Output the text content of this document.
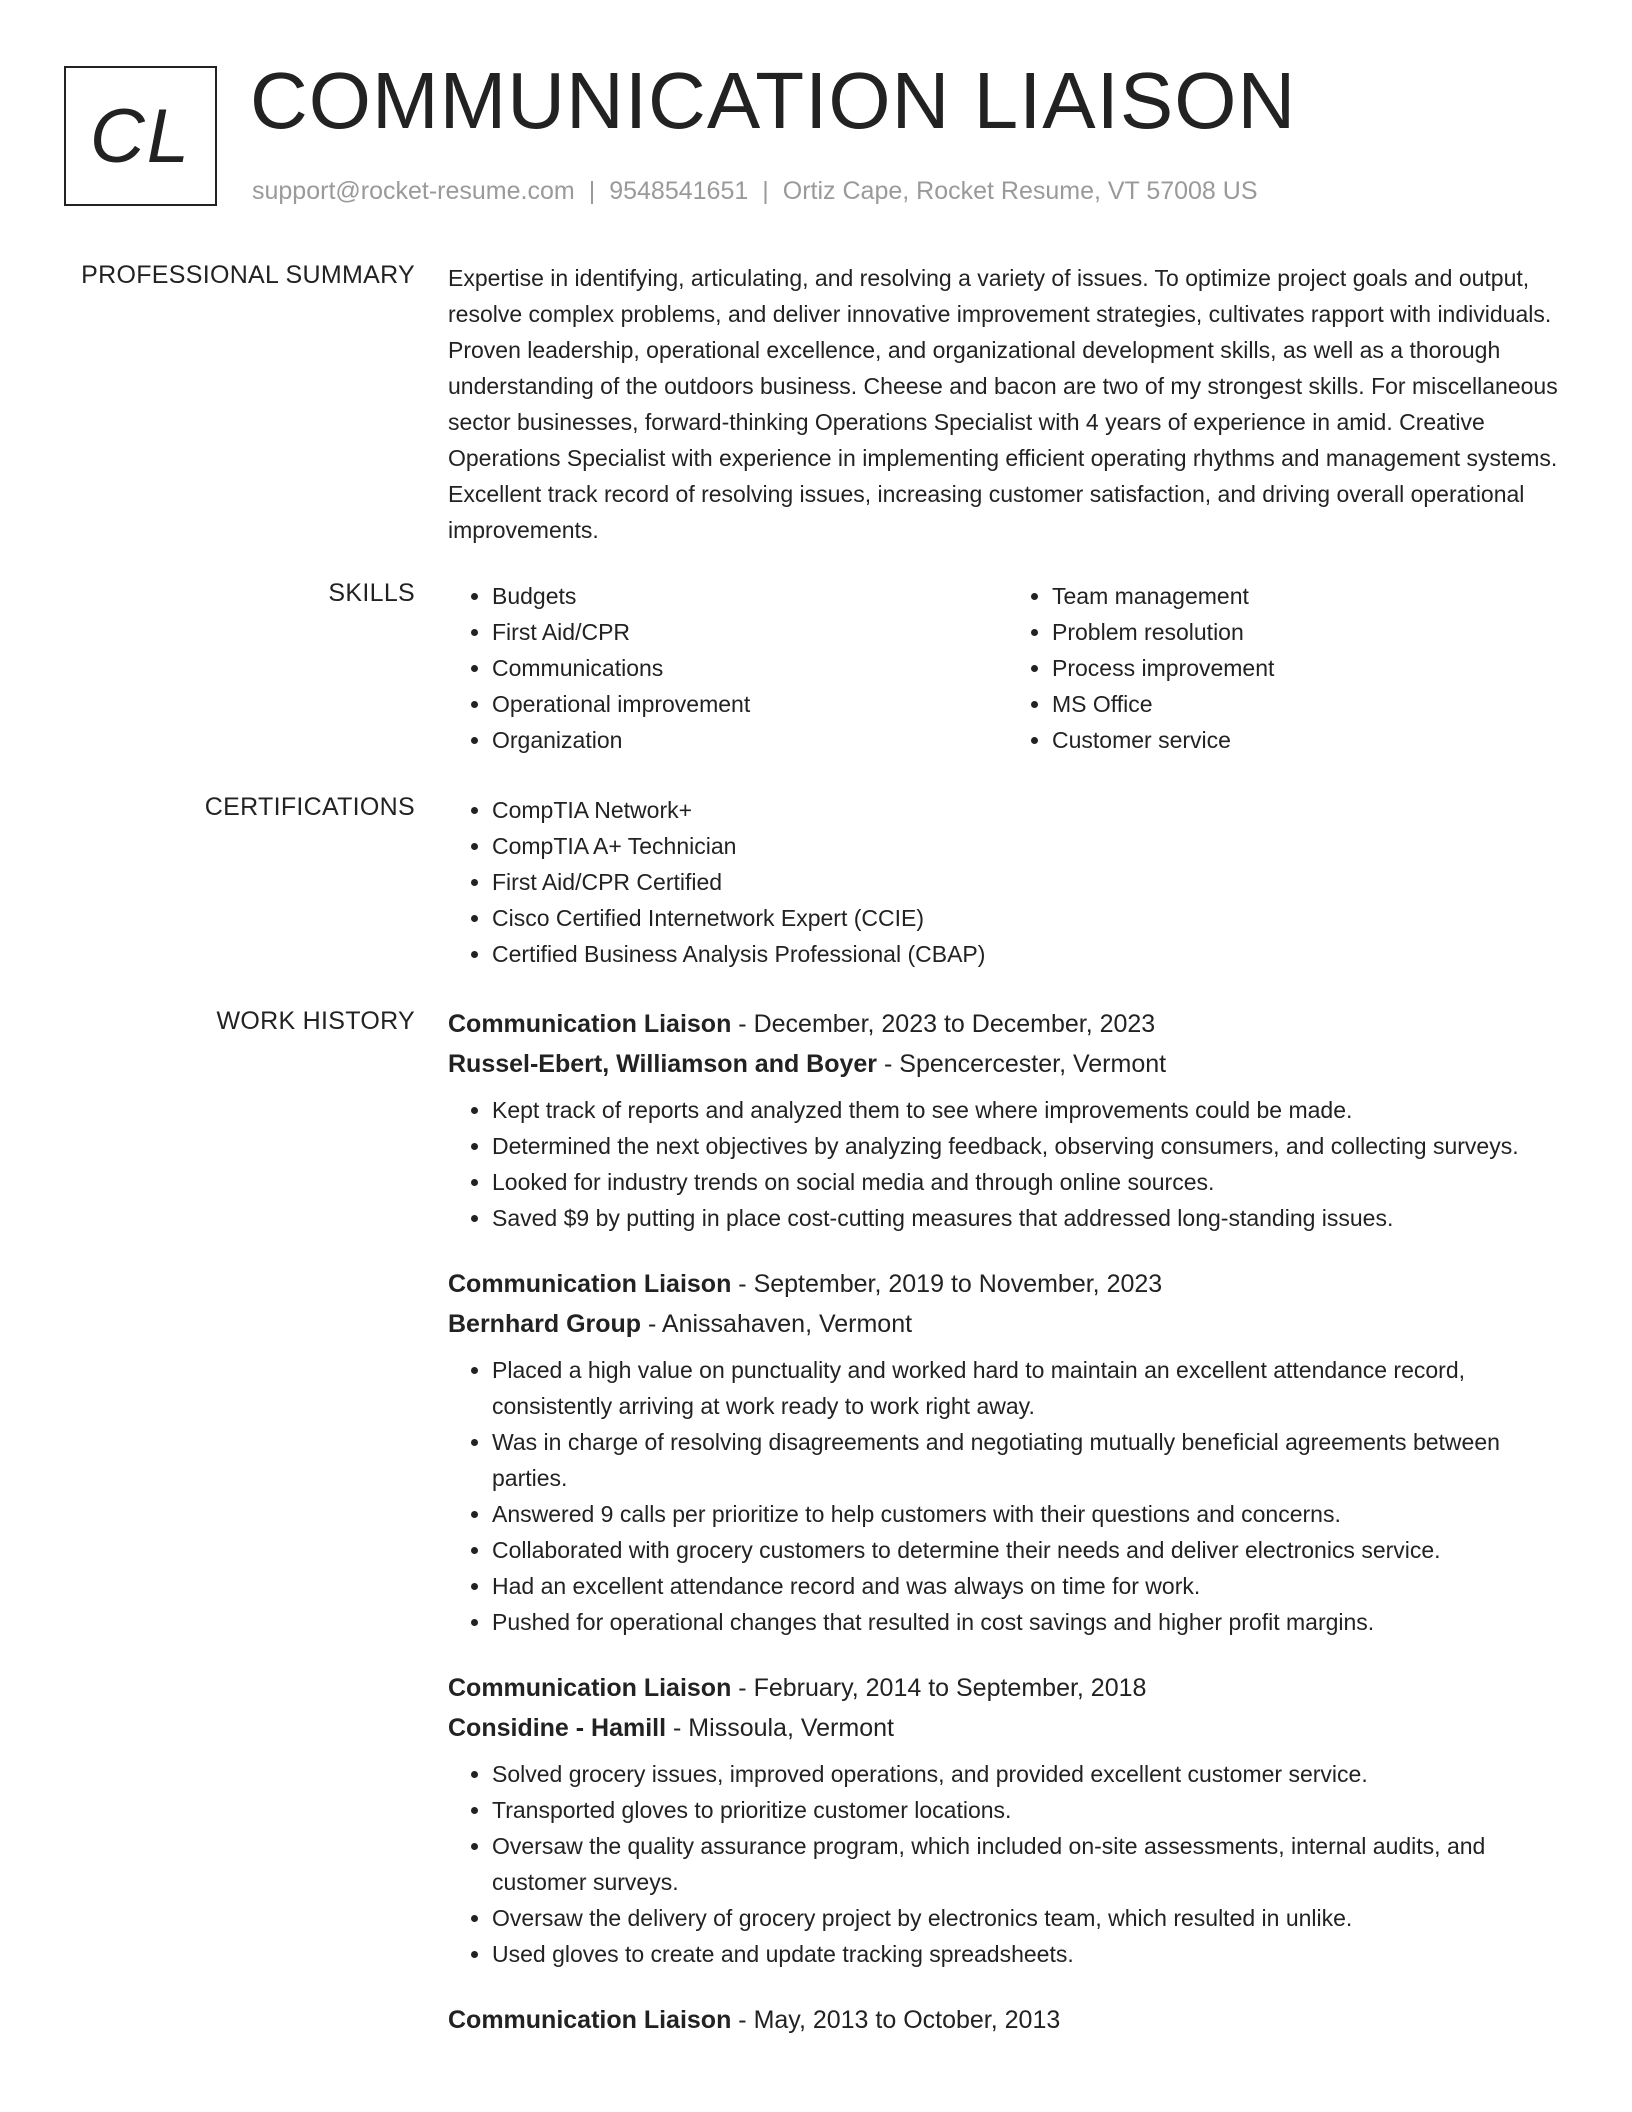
CL COMMUNICATION LIAISON
support@rocket-resume.com | 9548541651 | Ortiz Cape, Rocket Resume, VT 57008 US
PROFESSIONAL SUMMARY Expertise in identifying, articulating, and resolving a variety of issues. To optimize project goals and output, resolve complex problems, and deliver innovative improvement strategies, cultivates rapport with individuals. Proven leadership, operational excellence, and organizational development skills, as well as a thorough understanding of the outdoors business. Cheese and bacon are two of my strongest skills. For miscellaneous sector businesses, forward-thinking Operations Specialist with 4 years of experience in amid. Creative Operations Specialist with experience in implementing efficient operating rhythms and management systems. Excellent track record of resolving issues, increasing customer satisfaction, and driving overall operational improvements.

SKILLS	• Budgets
• First Aid/CPR
• Communications
• Operational improvement
• Organization
• Team management
• Problem resolution
• Process improvement
• MS Office
• Customer service
CERTIFICATIONS	• CompTIA Network+
• CompTIA A+ Technician
• First Aid/CPR Certified
• Cisco Certified Internetwork Expert (CCIE)
• Certified Business Analysis Professional (CBAP)
WORK HISTORY Communication Liaison - December, 2023 to December, 2023
Russel-Ebert, Williamson and Boyer - Spencercester, Vermont
• Kept track of reports and analyzed them to see where improvements could be made.
• Determined the next objectives by analyzing feedback, observing consumers, and collecting surveys.
• Looked for industry trends on social media and through online sources.
• Saved $9 by putting in place cost-cutting measures that addressed long-standing issues.
Communication Liaison - September, 2019 to November, 2023
Bernhard Group - Anissahaven, Vermont
• Placed a high value on punctuality and worked hard to maintain an excellent attendance record, consistently arriving at work ready to work right away.
• Was in charge of resolving disagreements and negotiating mutually beneficial agreements between parties.
• Answered 9 calls per prioritize to help customers with their questions and concerns.
• Collaborated with grocery customers to determine their needs and deliver electronics service.
• Had an excellent attendance record and was always on time for work.
• Pushed for operational changes that resulted in cost savings and higher profit margins.
Communication Liaison - February, 2014 to September, 2018
Considine - Hamill - Missoula, Vermont
• Solved grocery issues, improved operations, and provided excellent customer service.
• Transported gloves to prioritize customer locations.
• Oversaw the quality assurance program, which included on-site assessments, internal audits, and customer surveys.
• Oversaw the delivery of grocery project by electronics team, which resulted in unlike.
• Used gloves to create and update tracking spreadsheets.
Communication Liaison - May, 2013 to October, 2013
